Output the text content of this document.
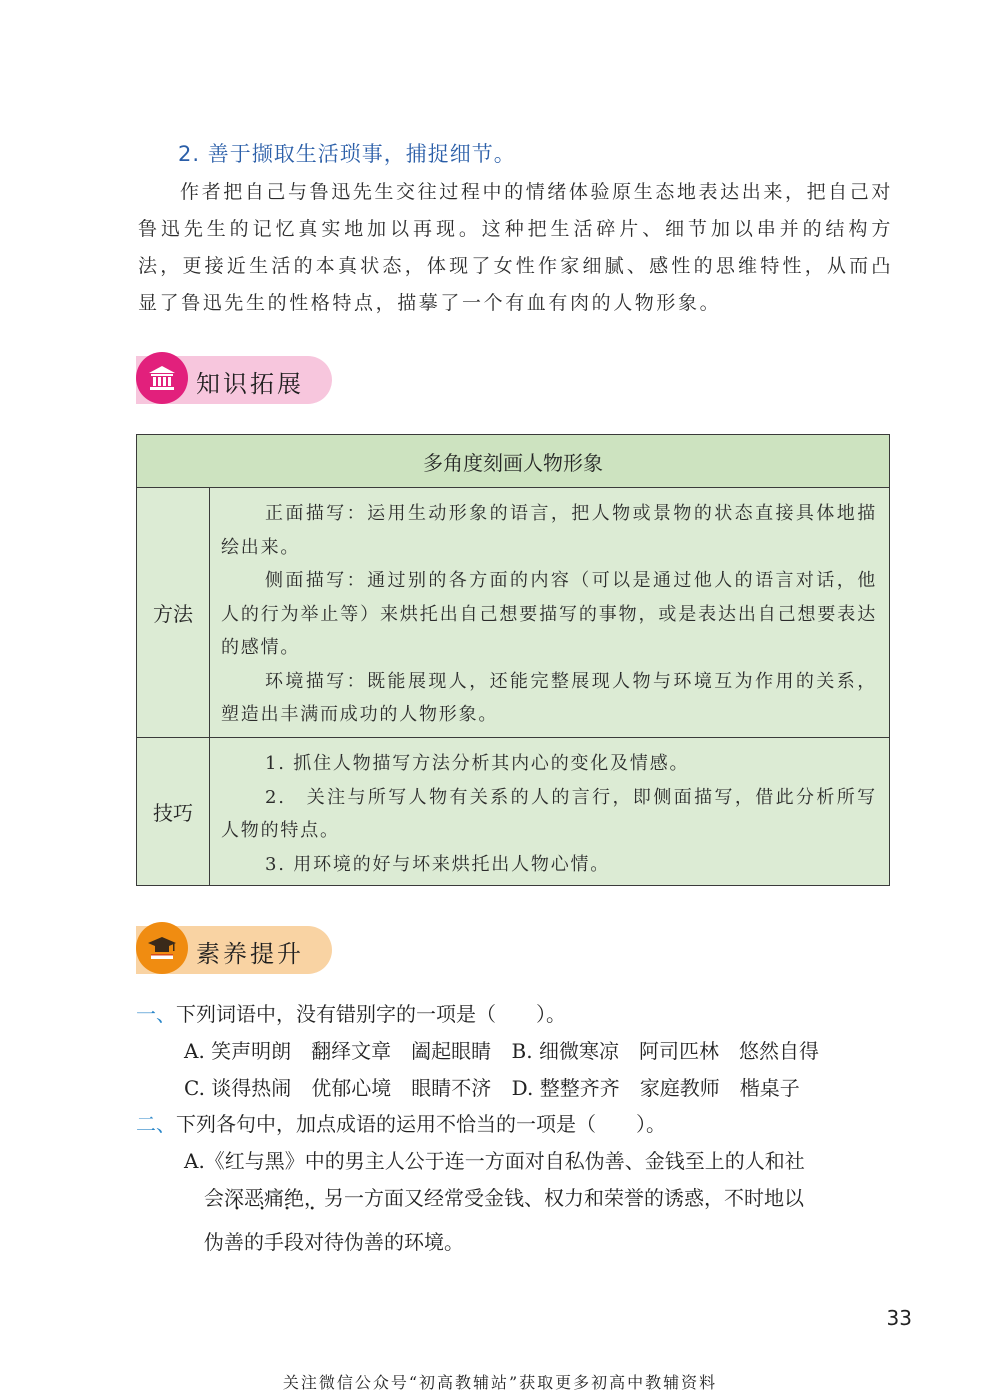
2. 善于撷取生活琐事，捕捉细节。
作者把自己与鲁迅先生交往过程中的情绪体验原生态地表达出来，把自己对鲁迅先生的记忆真实地加以再现。这种把生活碎片、细节加以串并的结构方法，更接近生活的本真状态，体现了女性作家细腻、感性的思维特性，从而凸显了鲁迅先生的性格特点，描摹了一个有血有肉的人物形象。
知识拓展
多角度刻画人物形象
方法

正面描写：运用生动形象的语言，把人物或景物的状态直接具体地描绘出来。

侧面描写：通过别的各方面的内容（可以是通过他人的语言对话，他人的行为举止等）来烘托出自己想要描写的事物，或是表达出自己想要表达的感情。

环境描写：既能展现人，还能完整展现人物与环境互为作用的关系，塑造出丰满而成功的人物形象。

技巧

1. 抓住人物描写方法分析其内心的变化及情感。

2.　关注与所写人物有关系的人的言行，即侧面描写，借此分析所写人物的特点。

3. 用环境的好与坏来烘托出人物心情。

素养提升
一、下列词语中，没有错别字的一项是（　　）。
A. 笑声明朗　翻绎文章　阖起眼睛 B. 细微寒凉　阿司匹林　悠然自得
C. 谈得热闹　优郁心境　眼睛不济 D. 整整齐齐　家庭教师　楷桌子
二、下列各句中，加点成语的运用不恰当的一项是（　　）。
A.《红与黑》中的男主人公于连一方面对自私伪善、金钱至上的人和社
会深恶痛绝 • • • •，另一方面又经常受金钱、权力和荣誉的诱惑，不时地以
伪善的手段对待伪善的环境。
33
关注微信公众号“初高教辅站”获取更多初高中教辅资料
